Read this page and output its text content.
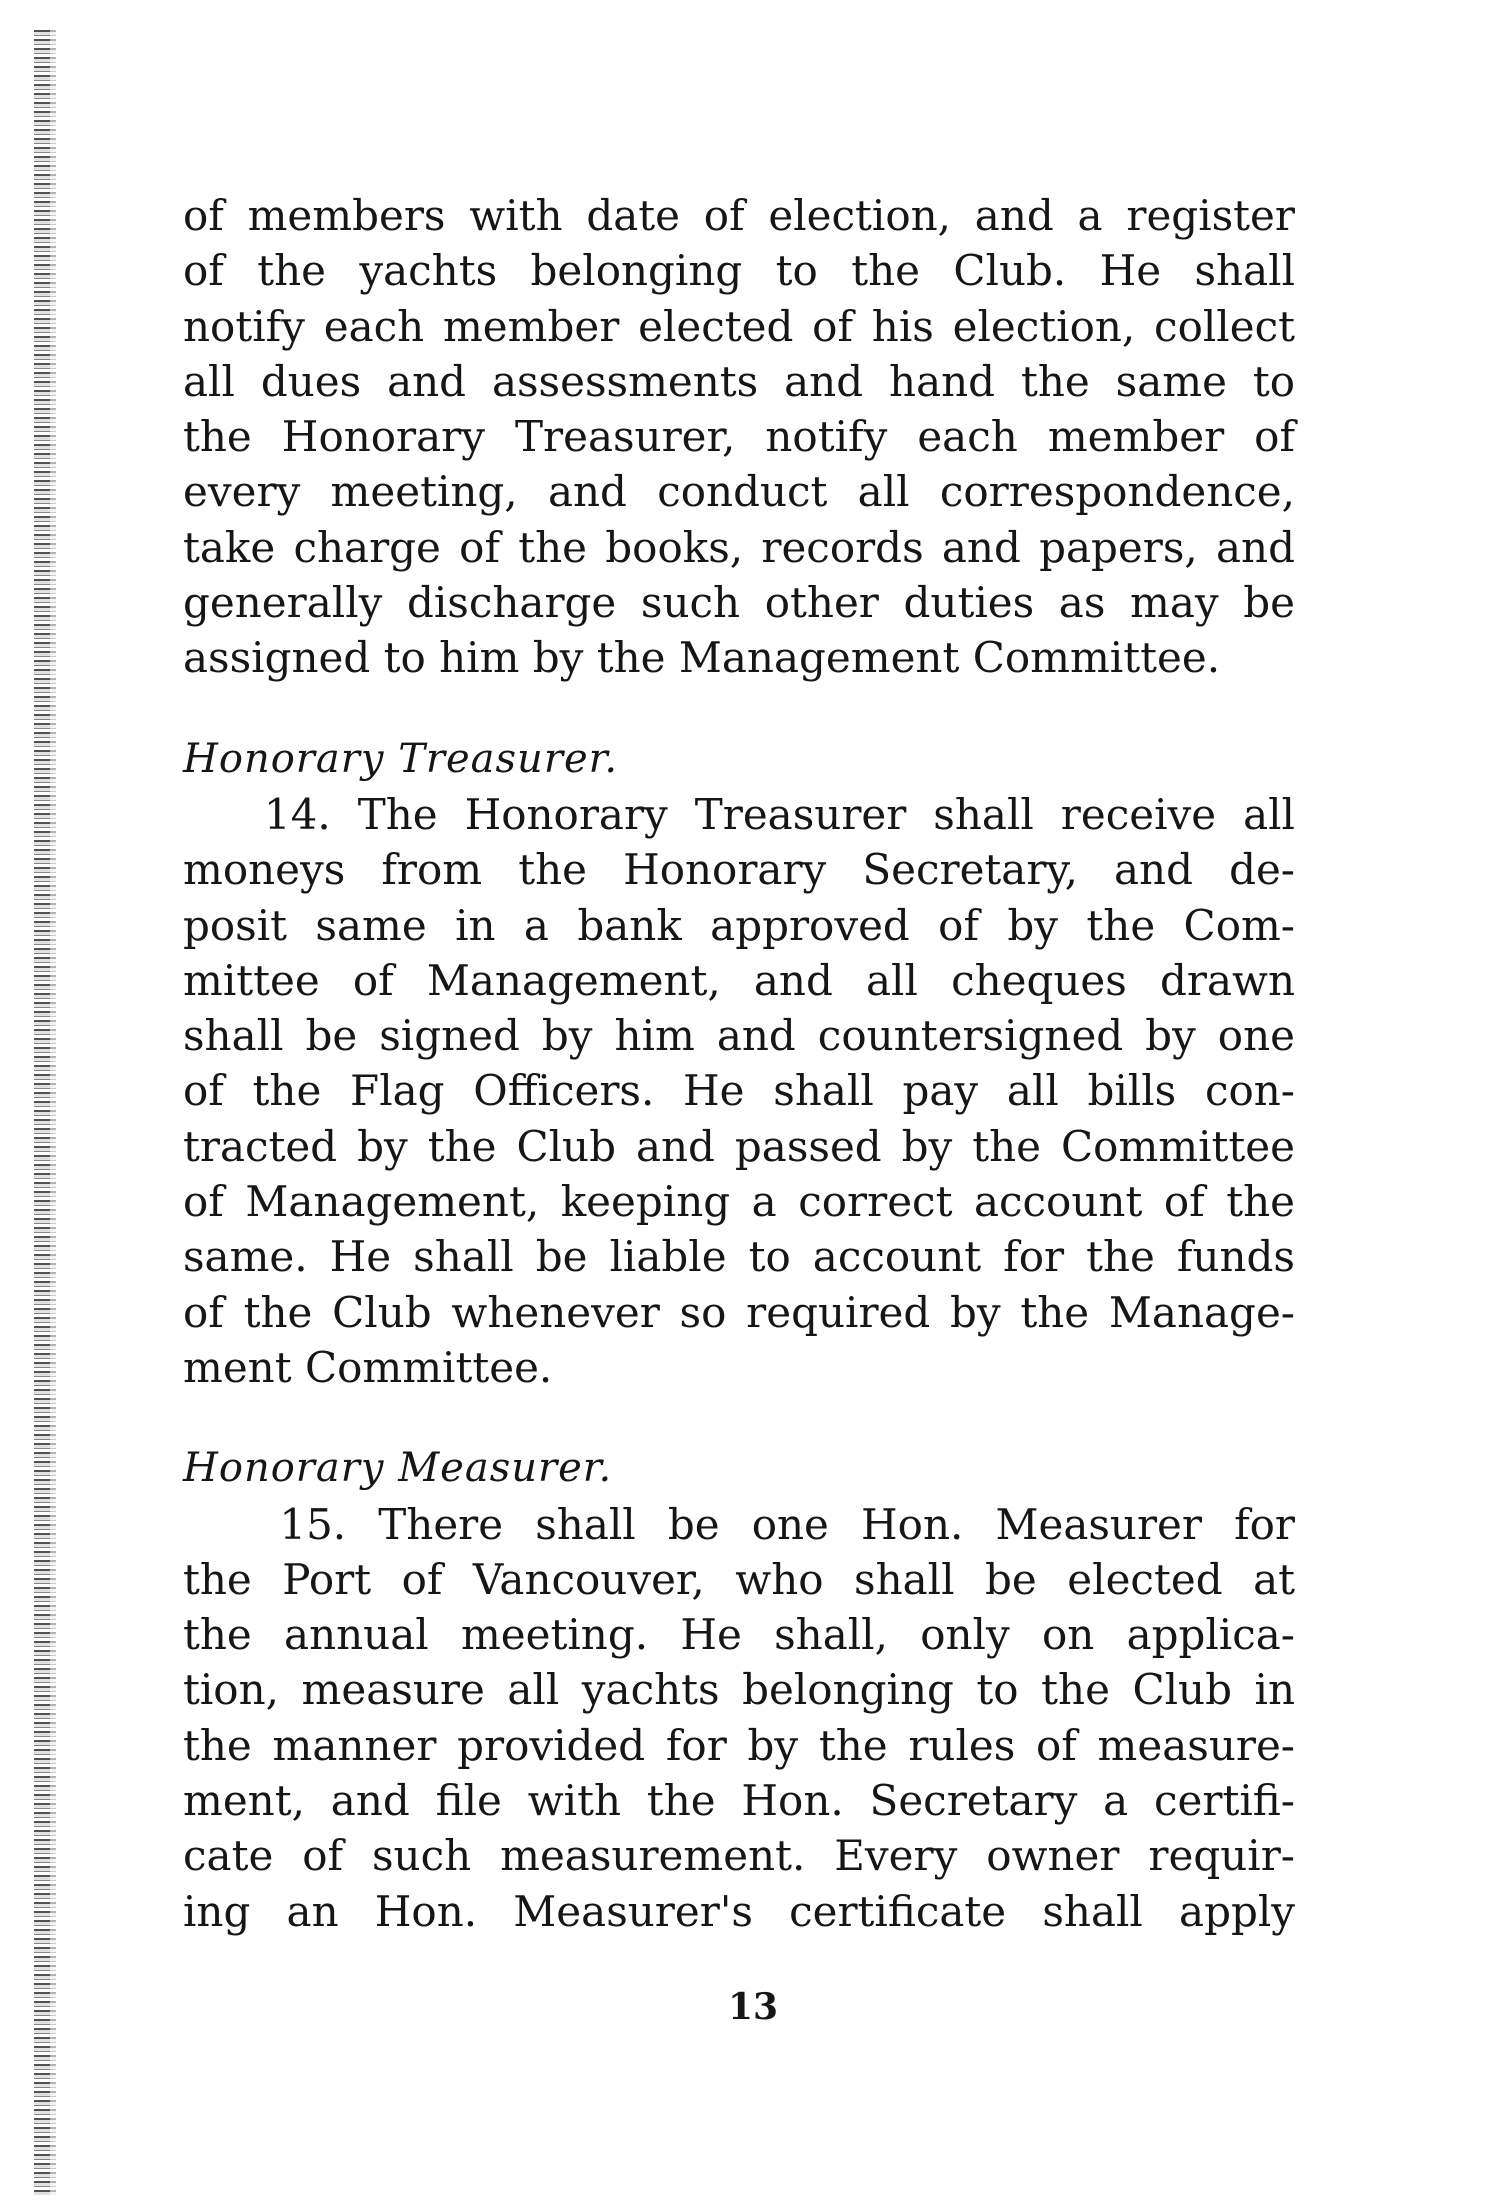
of members with date of election, and a register
of the yachts belonging to the Club. He shall
notify each member elected of his election, collect
all dues and assessments and hand the same to
the Honorary Treasurer, notify each member of
every meeting, and conduct all correspondence,
take charge of the books, records and papers, and
generally discharge such other duties as may be
assigned to him by the Management Committee.

Honorary Treasurer.

14. The Honorary Treasurer shall receive all
moneys from the Honorary Secretary, and de-
posit same in a bank approved of by the Com-
mittee of Management, and all cheques drawn
shall be signed by him and countersigned by one
of the Flag Officers. He shall pay all bills con-
tracted by the Club and passed by the Committee
of Management, keeping a correct account of the
same. He shall be liable to account for the funds
of the Club whenever so required by the Manage-
ment Committee.

Honorary Measurer.

15. There shall be one Hon. Measurer for
the Port of Vancouver, who shall be elected at
the annual meeting. He shall, only on applica-
tion, measure all yachts belonging to the Club in
the manner provided for by the rules of measure-
ment, and file with the Hon. Secretary a certifi-
cate of such measurement. Every owner requir-
ing an Hon. Measurer's certificate shall apply

13
